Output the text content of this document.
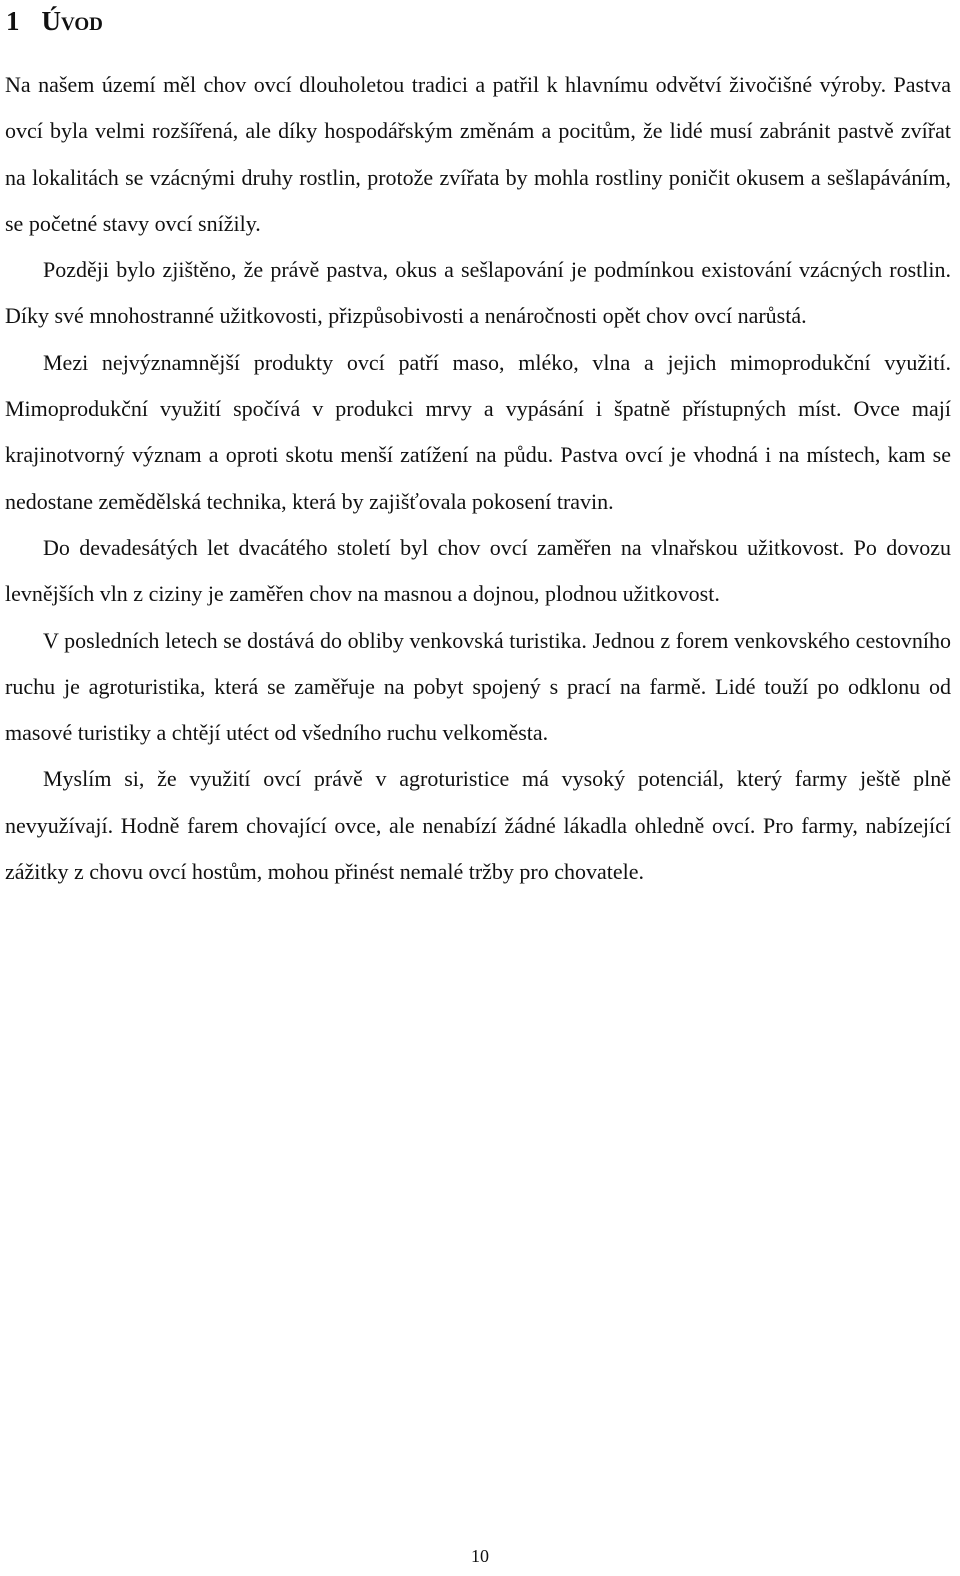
1 Úvod

Na našem území měl chov ovcí dlouholetou tradici a patřil k hlavnímu odvětví živočišné výroby. Pastva ovcí byla velmi rozšířená, ale díky hospodářským změnám a pocitům, že lidé musí zabránit pastvě zvířat na lokalitách se vzácnými druhy rostlin, protože zvířata by mohla rostliny poničit okusem a sešlapáváním, se početné stavy ovcí snížily.

Později bylo zjištěno, že právě pastva, okus a sešlapování je podmínkou existování vzácných rostlin. Díky své mnohostranné užitkovosti, přizpůsobivosti a nenáročnosti opět chov ovcí narůstá.

Mezi nejvýznamnější produkty ovcí patří maso, mléko, vlna a jejich mimoprodukční využití. Mimoprodukční využití spočívá v produkci mrvy a vypásání i špatně přístupných míst. Ovce mají krajinotvorný význam a oproti skotu menší zatížení na půdu. Pastva ovcí je vhodná i na místech, kam se nedostane zemědělská technika, která by zajišťovala pokosení travin.

Do devadesátých let dvacátého století byl chov ovcí zaměřen na vlnařskou užitkovost. Po dovozu levnějších vln z ciziny je zaměřen chov na masnou a dojnou, plodnou užitkovost.

V posledních letech se dostává do obliby venkovská turistika. Jednou z forem venkovského cestovního ruchu je agroturistika, která se zaměřuje na pobyt spojený s prací na farmě. Lidé touží po odklonu od masové turistiky a chtějí utéct od všedního ruchu velkoměsta.

Myslím si, že využití ovcí právě v agroturistice má vysoký potenciál, který farmy ještě plně nevyužívají. Hodně farem chovající ovce, ale nenabízí žádné lákadla ohledně ovcí. Pro farmy, nabízející zážitky z chovu ovcí hostům, mohou přinést nemalé tržby pro chovatele.

10
